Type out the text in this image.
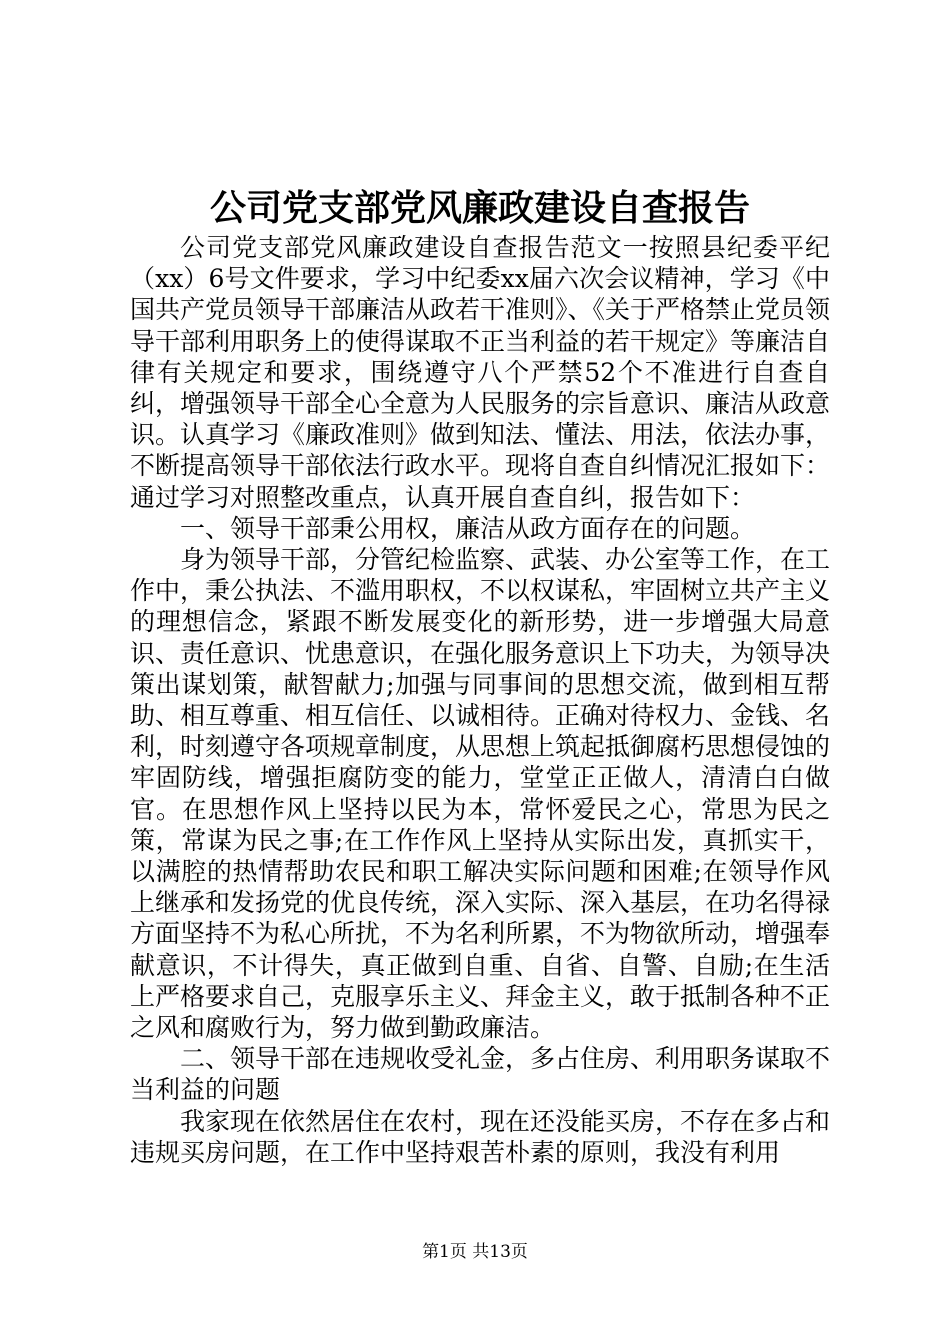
公司党支部党风廉政建设自查报告

公司党支部党风廉政建设自查报告范文一按照县纪委平纪（xx）6号文件要求，学习中纪委xx届六次会议精神，学习《中国共产党员领导干部廉洁从政若干准则》、《关于严格禁止党员领导干部利用职务上的使得谋取不正当利益的若干规定》等廉洁自律有关规定和要求，围绕遵守八个严禁52个不准进行自查自纠，增强领导干部全心全意为人民服务的宗旨意识、廉洁从政意识。认真学习《廉政准则》做到知法、懂法、用法，依法办事，不断提高领导干部依法行政水平。现将自查自纠情况汇报如下：通过学习对照整改重点，认真开展自查自纠，报告如下：

一、领导干部秉公用权，廉洁从政方面存在的问题。

身为领导干部，分管纪检监察、武装、办公室等工作，在工作中，秉公执法、不滥用职权，不以权谋私，牢固树立共产主义的理想信念，紧跟不断发展变化的新形势，进一步增强大局意识、责任意识、忧患意识，在强化服务意识上下功夫，为领导决策出谋划策，献智献力;加强与同事间的思想交流，做到相互帮助、相互尊重、相互信任、以诚相待。正确对待权力、金钱、名利，时刻遵守各项规章制度，从思想上筑起抵御腐朽思想侵蚀的牢固防线，增强拒腐防变的能力，堂堂正正做人，清清白白做官。在思想作风上坚持以民为本，常怀爱民之心，常思为民之策，常谋为民之事;在工作作风上坚持从实际出发，真抓实干，以满腔的热情帮助农民和职工解决实际问题和困难;在领导作风上继承和发扬党的优良传统，深入实际、深入基层，在功名得禄方面坚持不为私心所扰，不为名利所累，不为物欲所动，增强奉献意识，不计得失，真正做到自重、自省、自警、自励;在生活上严格要求自己，克服享乐主义、拜金主义，敢于抵制各种不正之风和腐败行为，努力做到勤政廉洁。

二、领导干部在违规收受礼金，多占住房、利用职务谋取不当利益的问题

我家现在依然居住在农村，现在还没能买房，不存在多占和违规买房问题，在工作中坚持艰苦朴素的原则，我没有利用

第1页 共13页
